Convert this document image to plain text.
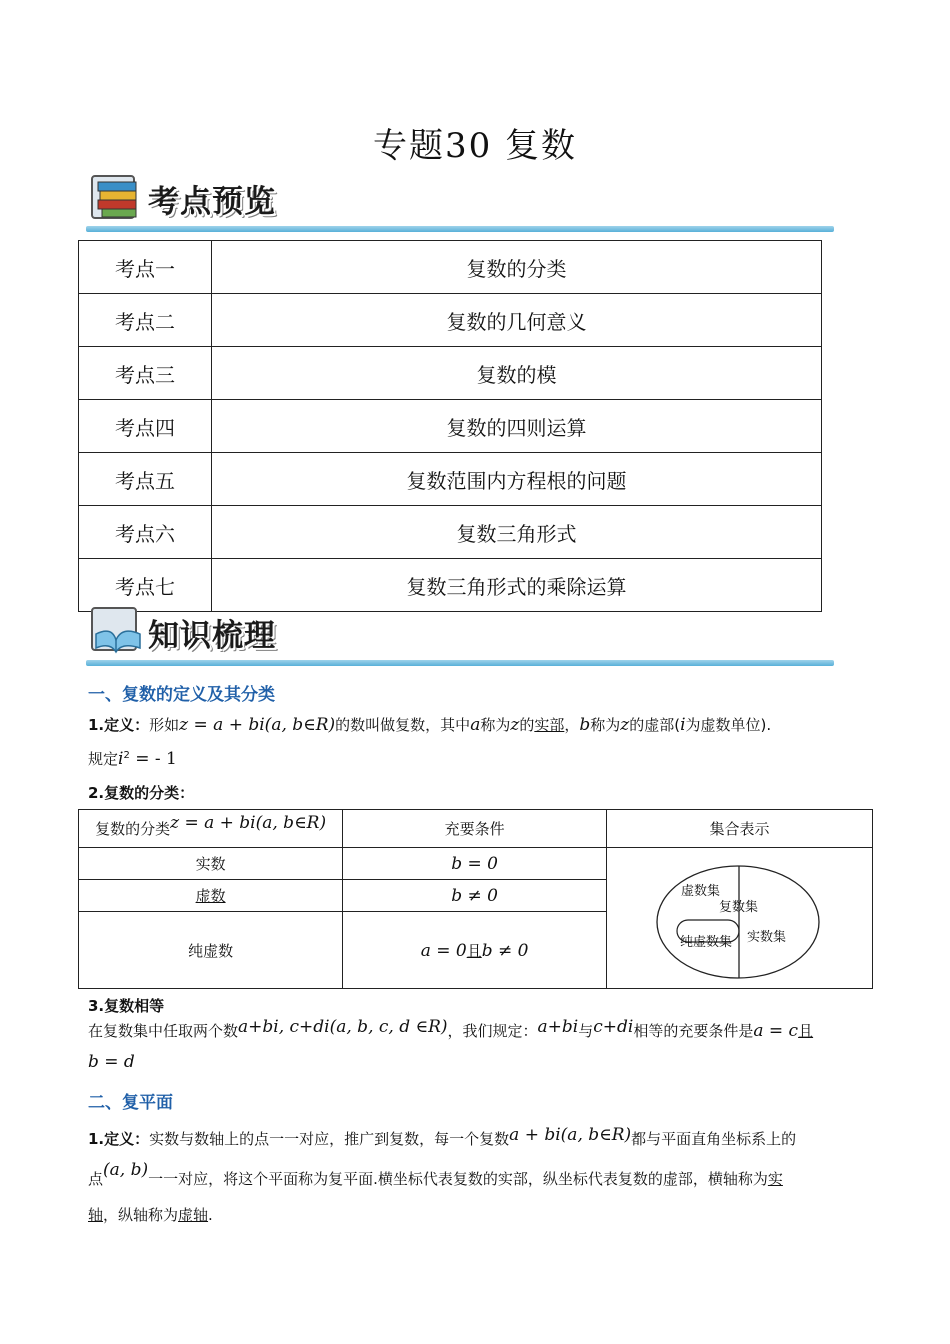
专题30 复数
考点预览
考点一	复数的分类
考点二	复数的几何意义
考点三	复数的模
考点四	复数的四则运算
考点五	复数范围内方程根的问题
考点六	复数三角形式
考点七	复数三角形式的乘除运算
知识梳理
一、复数的定义及其分类
1.定义：形如z = a + bi(a, b∈R)的数叫做复数，其中a称为z的实部，b称为z的虚部(i为虚数单位).
规定$i^2$ = - 1
2.复数的分类：
复数的分类z = a + bi(a, b∈R)	充要条件	集合表示
实数	b = 0	虚数集
复数集
纯虚数集 实数集

虚数	b ≠ 0	
纯虚数	a = 0且b ≠ 0	
3.复数相等
在复数集中任取两个数a+bi, c+di(a, b, c, d ∈R)，我们规定：a+bi与c+di相等的充要条件是a = c且
b = d
二、复平面
1.定义：实数与数轴上的点一一对应，推广到复数，每一个复数a + bi(a, b∈R)都与平面直角坐标系上的
点(a, b)一一对应，将这个平面称为复平面.横坐标代表复数的实部，纵坐标代表复数的虚部，横轴称为实
轴，纵轴称为虚轴.
